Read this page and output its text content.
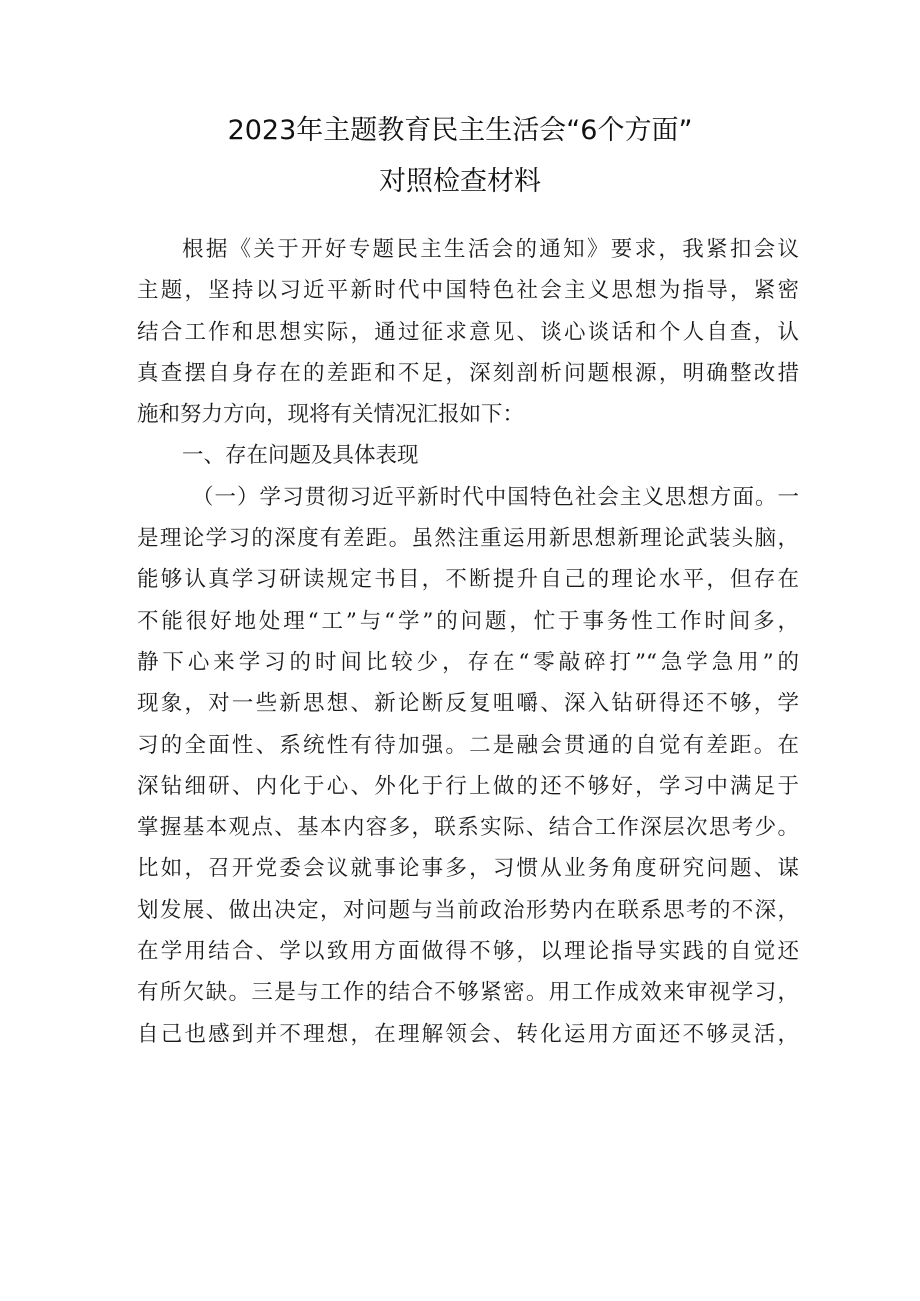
2023年主题教育民主生活会“6个方面”
对照检查材料
根据《关于开好专题民主生活会的通知》要求，我紧扣会议
主题，坚持以习近平新时代中国特色社会主义思想为指导，紧密
结合工作和思想实际，通过征求意见、谈心谈话和个人自查，认
真查摆自身存在的差距和不足，深刻剖析问题根源，明确整改措
施和努力方向，现将有关情况汇报如下：
一、存在问题及具体表现
（一）学习贯彻习近平新时代中国特色社会主义思想方面。一
是理论学习的深度有差距。虽然注重运用新思想新理论武装头脑，
能够认真学习研读规定书目，不断提升自己的理论水平，但存在
不能很好地处理“工”与“学”的问题，忙于事务性工作时间多，
静下心来学习的时间比较少，存在“零敲碎打”“急学急用”的
现象，对一些新思想、新论断反复咀嚼、深入钻研得还不够，学
习的全面性、系统性有待加强。二是融会贯通的自觉有差距。在
深钻细研、内化于心、外化于行上做的还不够好，学习中满足于
掌握基本观点、基本内容多，联系实际、结合工作深层次思考少。
比如，召开党委会议就事论事多，习惯从业务角度研究问题、谋
划发展、做出决定，对问题与当前政治形势内在联系思考的不深，
在学用结合、学以致用方面做得不够，以理论指导实践的自觉还
有所欠缺。三是与工作的结合不够紧密。用工作成效来审视学习，
自己也感到并不理想，在理解领会、转化运用方面还不够灵活，
